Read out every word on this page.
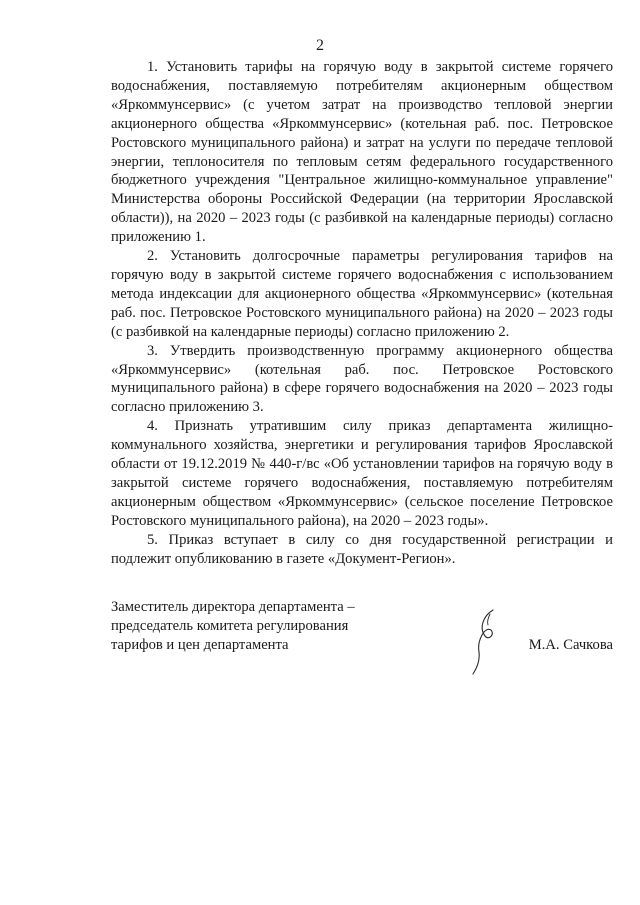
2

1. Установить тарифы на горячую воду в закрытой системе горячего водоснабжения, поставляемую потребителям акционерным обществом «Яркоммунсервис» (с учетом затрат на производство тепловой энергии акционерного общества «Яркоммунсервис» (котельная раб. пос. Петровское Ростовского муниципального района) и затрат на услуги по передаче тепловой энергии, теплоносителя по тепловым сетям федерального государственного бюджетного учреждения "Центральное жилищно-коммунальное управление" Министерства обороны Российской Федерации (на территории Ярославской области)), на 2020 – 2023 годы (с разбивкой на календарные периоды) согласно приложению 1.

2. Установить долгосрочные параметры регулирования тарифов на горячую воду в закрытой системе горячего водоснабжения с использованием метода индексации для акционерного общества «Яркоммунсервис» (котельная раб. пос. Петровское Ростовского муниципального района) на 2020 – 2023 годы (с разбивкой на календарные периоды) согласно приложению 2.

3. Утвердить производственную программу акционерного общества «Яркоммунсервис» (котельная раб. пос. Петровское Ростовского муниципального района) в сфере горячего водоснабжения на 2020 – 2023 годы согласно приложению 3.

4. Признать утратившим силу приказ департамента жилищно-коммунального хозяйства, энергетики и регулирования тарифов Ярославской области от 19.12.2019 № 440-г/вс «Об установлении тарифов на горячую воду в закрытой системе горячего водоснабжения, поставляемую потребителям акционерным обществом «Яркоммунсервис» (сельское поселение Петровское Ростовского муниципального района), на 2020 – 2023 годы».

5. Приказ вступает в силу со дня государственной регистрации и подлежит опубликованию в газете «Документ-Регион».

Заместитель директора департамента –
председатель комитета регулирования
тарифов и цен департамента	М.А. Сачкова
